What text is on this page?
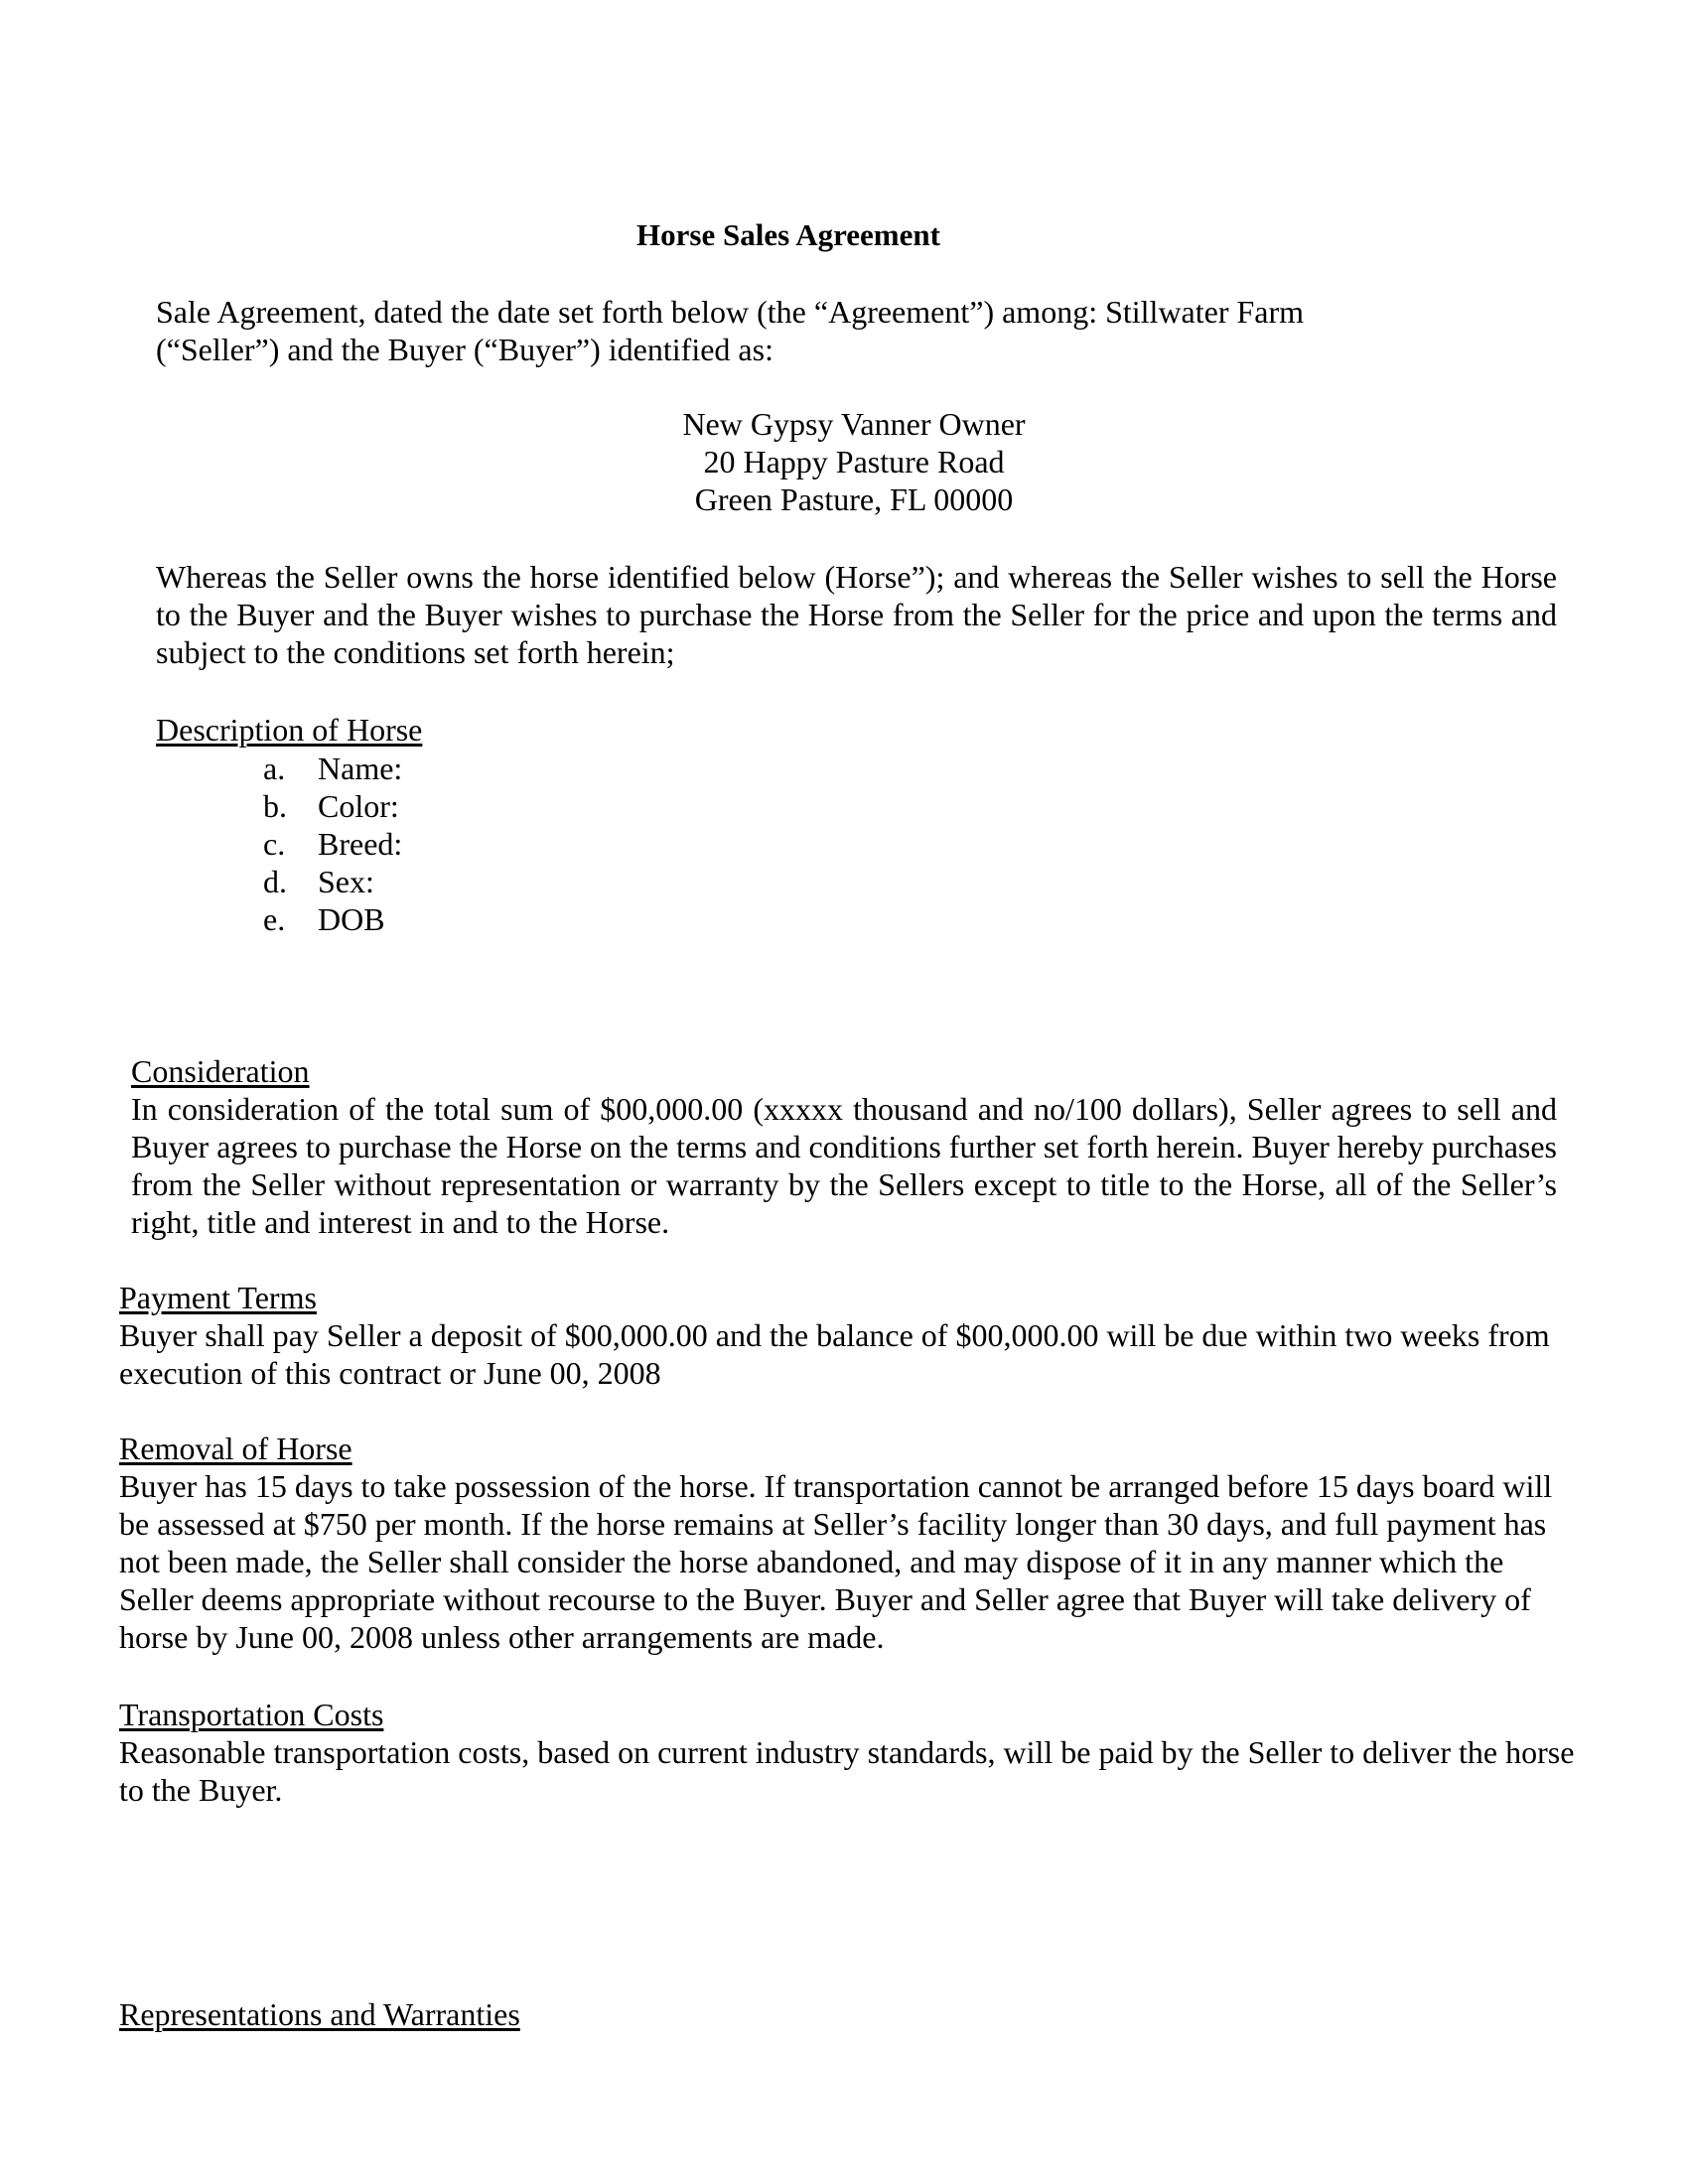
Horse Sales Agreement

Sale Agreement, dated the date set forth below (the “Agreement”) among: Stillwater Farm (“Seller”) and the Buyer (“Buyer”) identified as:

New Gypsy Vanner Owner
20 Happy Pasture Road
Green Pasture, FL 00000

Whereas the Seller owns the horse identified below (Horse”); and whereas the Seller wishes to sell the Horse to the Buyer and the Buyer wishes to purchase the Horse from the Seller for the price and upon the terms and subject to the conditions set forth herein;

Description of Horse
a. Name:
b. Color:
c. Breed:
d. Sex:
e. DOB
Consideration

In consideration of the total sum of $00,000.00 (xxxxx thousand and no/100 dollars), Seller agrees to sell and Buyer agrees to purchase the Horse on the terms and conditions further set forth herein. Buyer hereby purchases from the Seller without representation or warranty by the Sellers except to title to the Horse, all of the Seller’s right, title and interest in and to the Horse.

Payment Terms

Buyer shall pay Seller a deposit of $00,000.00 and the balance of $00,000.00 will be due within two weeks from execution of this contract or June 00, 2008

Removal of Horse

Buyer has 15 days to take possession of the horse. If transportation cannot be arranged before 15 days board will be assessed at $750 per month. If the horse remains at Seller’s facility longer than 30 days, and full payment has not been made, the Seller shall consider the horse abandoned, and may dispose of it in any manner which the Seller deems appropriate without recourse to the Buyer. Buyer and Seller agree that Buyer will take delivery of horse by June 00, 2008 unless other arrangements are made.

Transportation Costs

Reasonable transportation costs, based on current industry standards, will be paid by the Seller to deliver the horse to the Buyer.

Representations and Warranties
